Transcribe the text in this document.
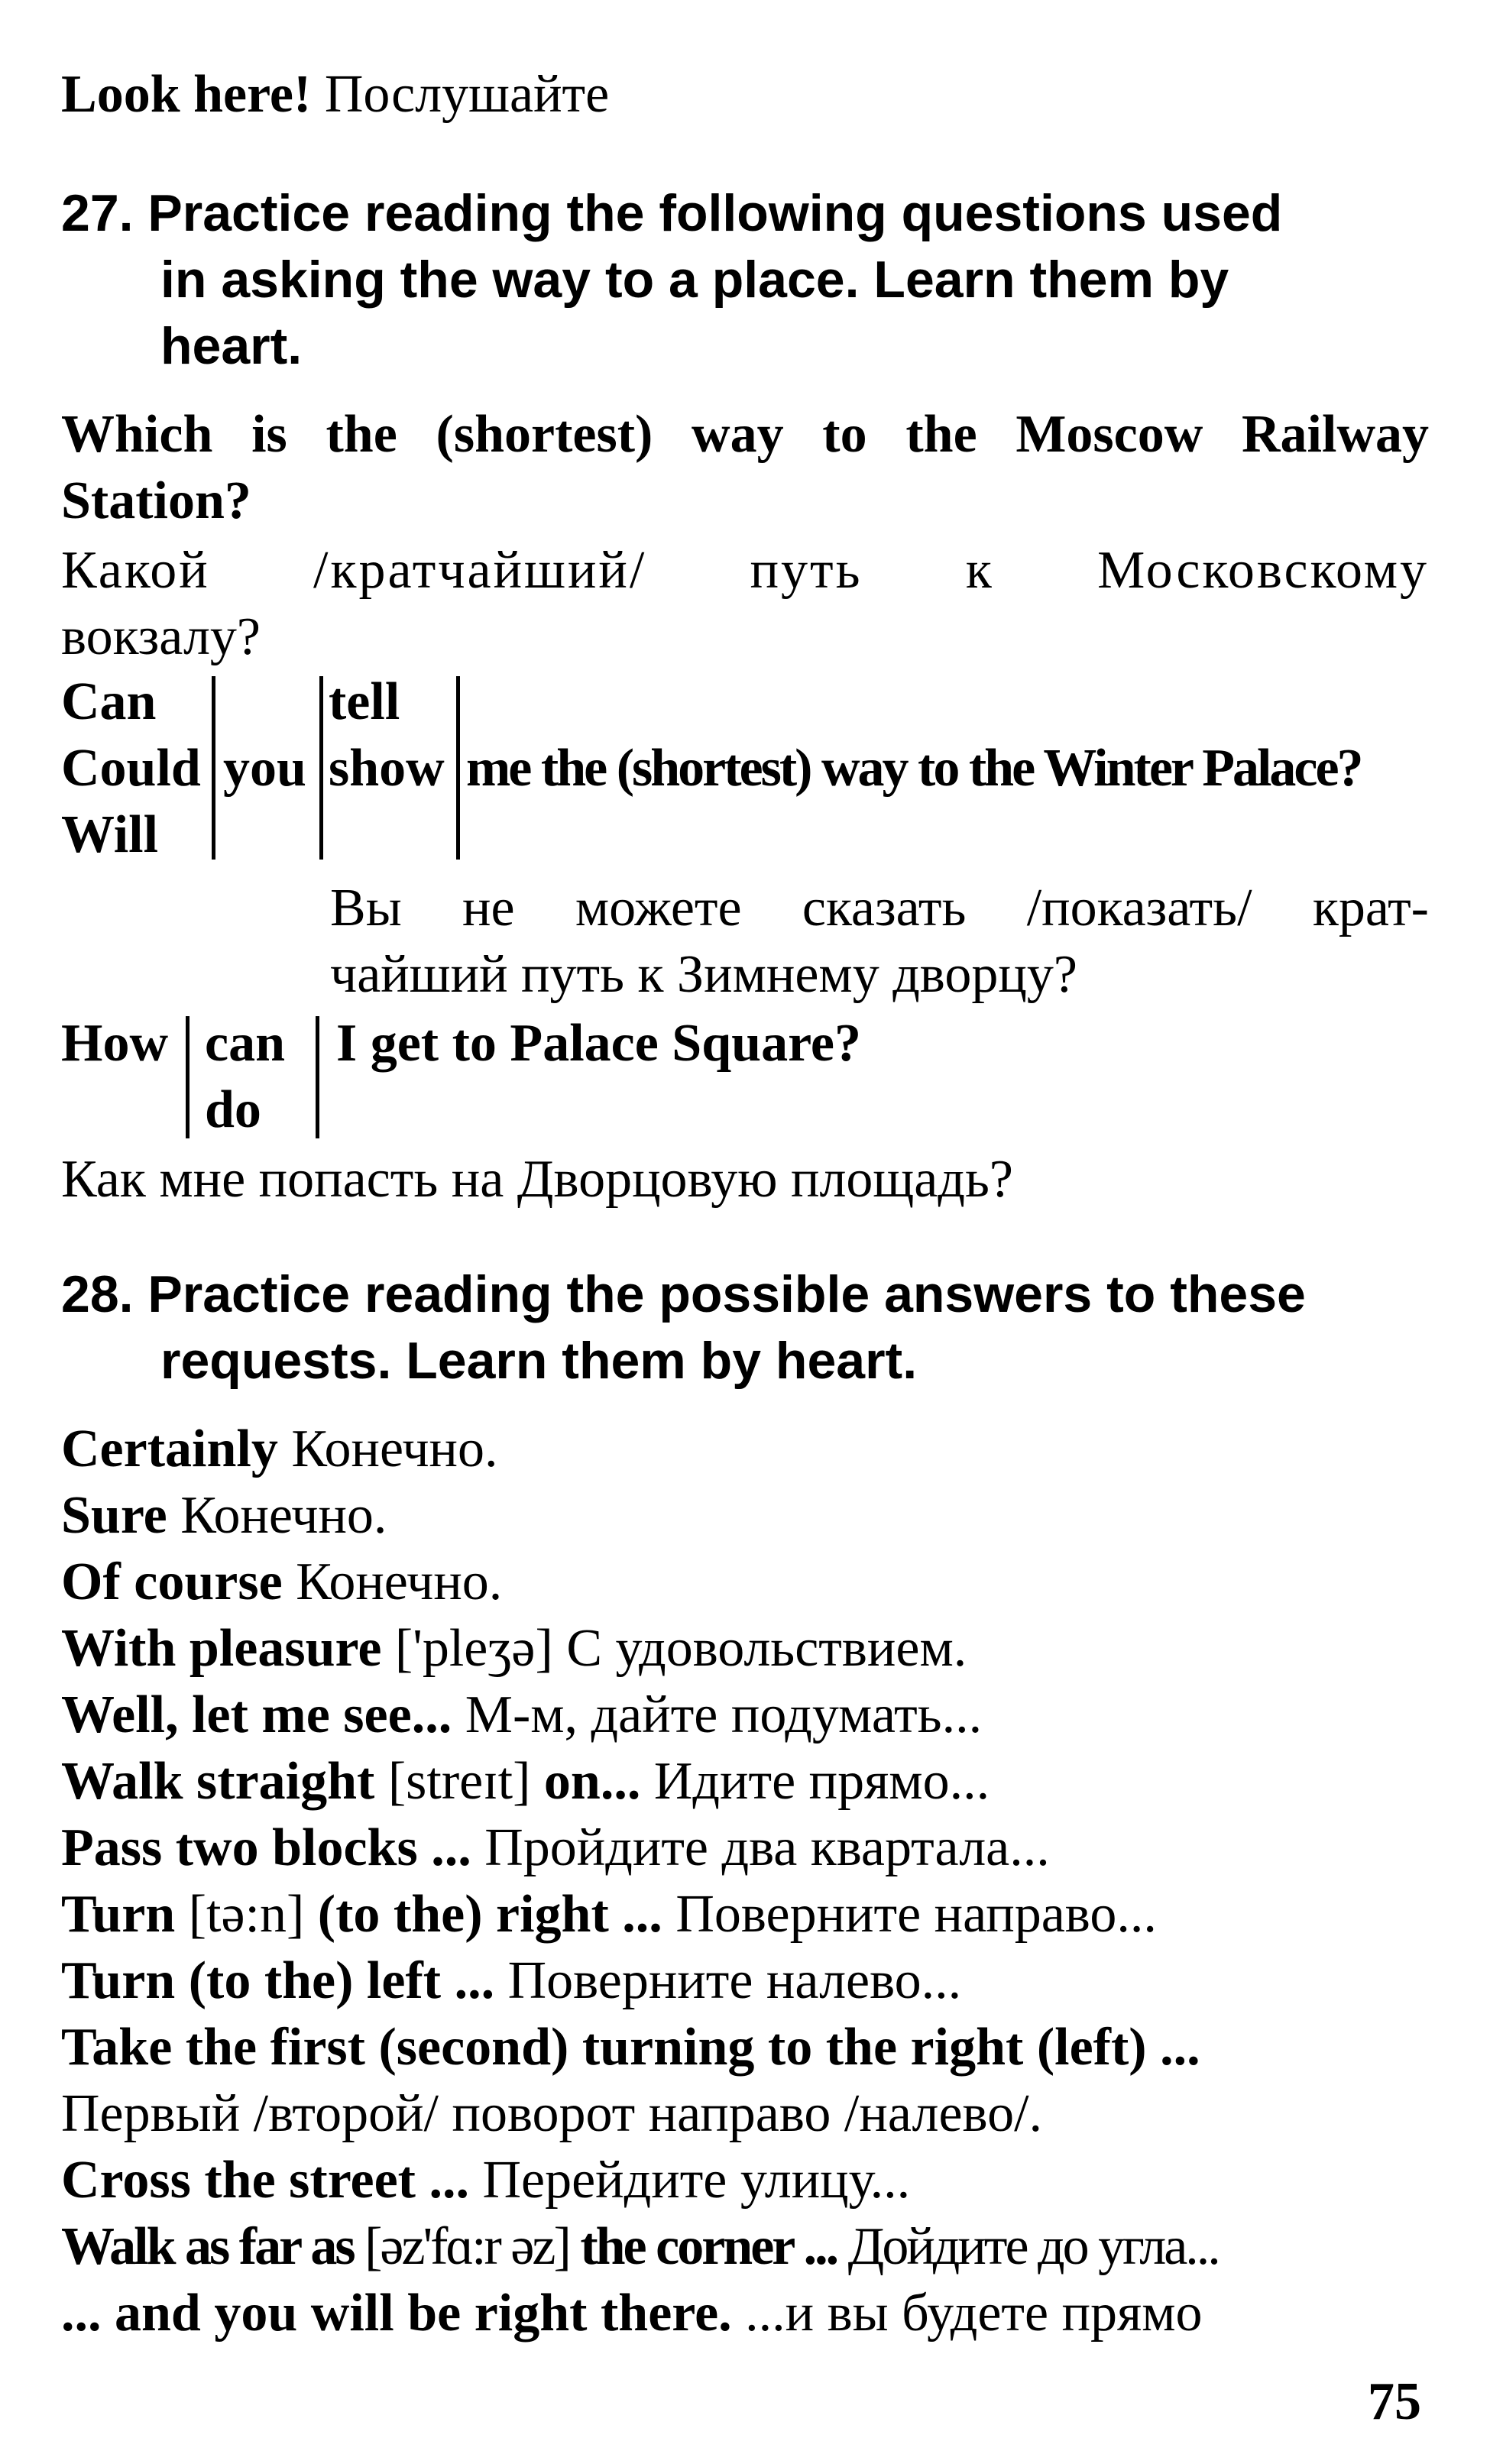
Look here! Послушайте
27. Practice reading the following questions used
in asking the way to a place. Learn them by
heart.
Which is the (shortest) way to the Moscow Railway
Station?
Какой /кратчайший/ путь к Московскому
вокзалу?
Can
Could
Will
you
tell
show me the (shortest) way to the Winter Palace?
Вы не можете сказать /показать/ крат-
чайший путь к Зимнему дворцу?
How can
do
I get to Palace Square?
Как мне попасть на Дворцовую площадь?
28. Practice reading the possible answers to these
requests. Learn them by heart.
Certainly Конечно.
Sure Конечно.
Of course Конечно.
With pleasure ['pleʒə] С удовольствием.
Well, let me see... М-м, дайте подумать...
Walk straight [streɪt] on... Идите прямо...
Pass two blocks ... Пройдите два квартала...
Turn [tə:n] (to the) right ... Поверните направо...
Turn (to the) left ... Поверните налево...
Take the first (second) turning to the right (left) ...
Первый /второй/ поворот направо /налево/.
Cross the street ... Перейдите улицу...
Walk as far as [əz'fɑ:r əz] the corner ... Дойдите до угла...
... and you will be right there. ...и вы будете прямо
75
